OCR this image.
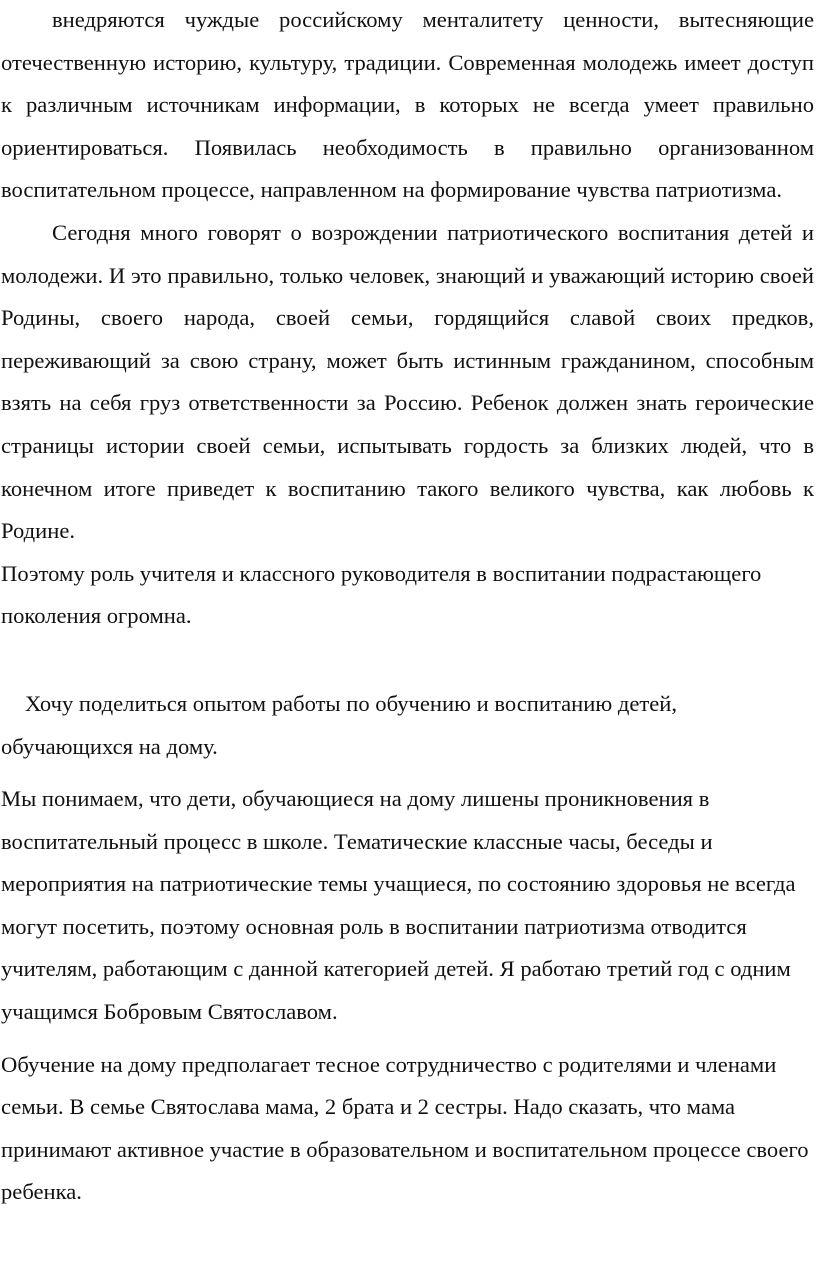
внедряются чуждые российскому менталитету ценности, вытесняющие отечественную историю, культуру, традиции. Современная молодежь имеет доступ к различным источникам информации, в которых не всегда умеет правильно ориентироваться. Появилась необходимость в правильно организованном воспитательном процессе, направленном на формирование чувства патриотизма.

Сегодня много говорят о возрождении патриотического воспитания детей и молодежи. И это правильно, только человек, знающий и уважающий историю своей Родины, своего народа, своей семьи, гордящийся славой своих предков, переживающий за свою страну, может быть истинным гражданином, способным взять на себя груз ответственности за Россию. Ребенок должен знать героические страницы истории своей семьи, испытывать гордость за близких людей, что в конечном итоге приведет к воспитанию такого великого чувства, как любовь к Родине.

Поэтому роль учителя и классного руководителя в воспитании подрастающего поколения огромна.

Хочу поделиться опытом работы по обучению и воспитанию детей, обучающихся на дому.

Мы понимаем, что дети, обучающиеся на дому лишены проникновения в воспитательный процесс в школе. Тематические классные часы, беседы и мероприятия на патриотические темы учащиеся, по состоянию здоровья не всегда могут посетить, поэтому основная роль в воспитании патриотизма отводится учителям, работающим с данной категорией детей. Я работаю третий год с одним учащимся Бобровым Святославом.

Обучение на дому предполагает тесное сотрудничество с родителями и членами семьи. В семье Святослава мама, 2 брата и 2 сестры. Надо сказать, что мама принимают активное участие в образовательном и воспитательном процессе своего ребенка.
